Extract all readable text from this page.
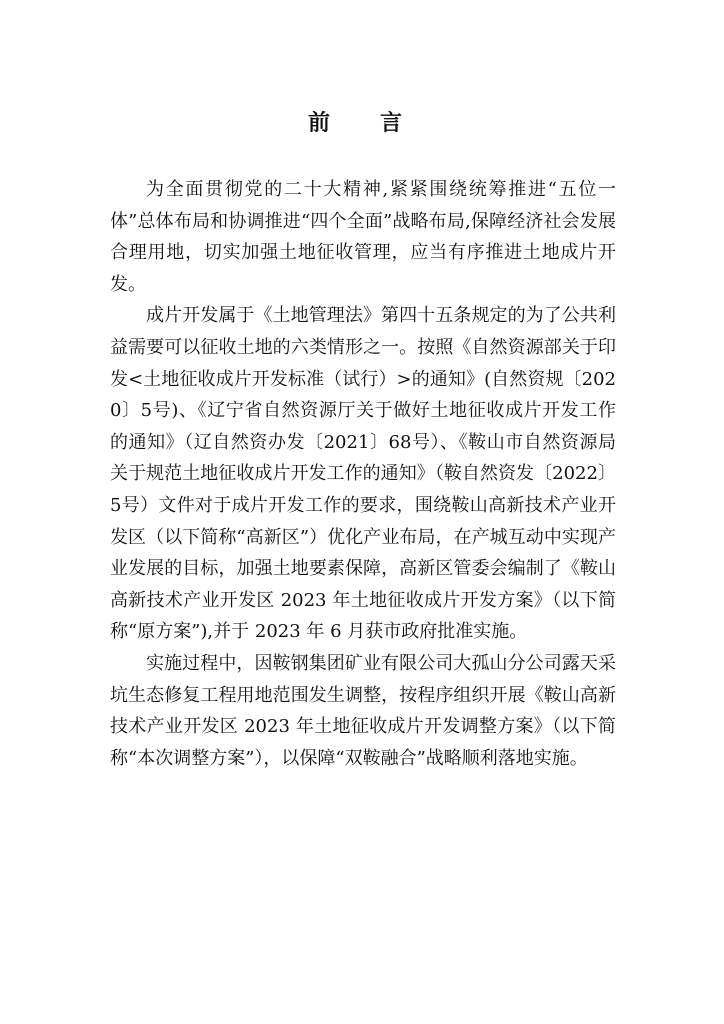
前　言

为全面贯彻党的二十大精神,紧紧围绕统筹推进“五位一体”总体布局和协调推进“四个全面”战略布局,保障经济社会发展合理用地，切实加强土地征收管理，应当有序推进土地成片开发。

成片开发属于《土地管理法》第四十五条规定的为了公共利益需要可以征收土地的六类情形之一。按照《自然资源部关于印发<土地征收成片开发标准（试行）>的通知》(自然资规〔2020〕5号)、《辽宁省自然资源厅关于做好土地征收成片开发工作的通知》（辽自然资办发〔2021〕68号）、《鞍山市自然资源局关于规范土地征收成片开发工作的通知》（鞍自然资发〔2022〕5号）文件对于成片开发工作的要求，围绕鞍山高新技术产业开发区（以下简称“高新区”）优化产业布局，在产城互动中实现产业发展的目标，加强土地要素保障，高新区管委会编制了《鞍山高新技术产业开发区 2023 年土地征收成片开发方案》（以下简称“原方案”),并于 2023 年 6 月获市政府批准实施。

实施过程中，因鞍钢集团矿业有限公司大孤山分公司露天采坑生态修复工程用地范围发生调整，按程序组织开展《鞍山高新技术产业开发区 2023 年土地征收成片开发调整方案》（以下简称“本次调整方案”），以保障“双鞍融合”战略顺利落地实施。
